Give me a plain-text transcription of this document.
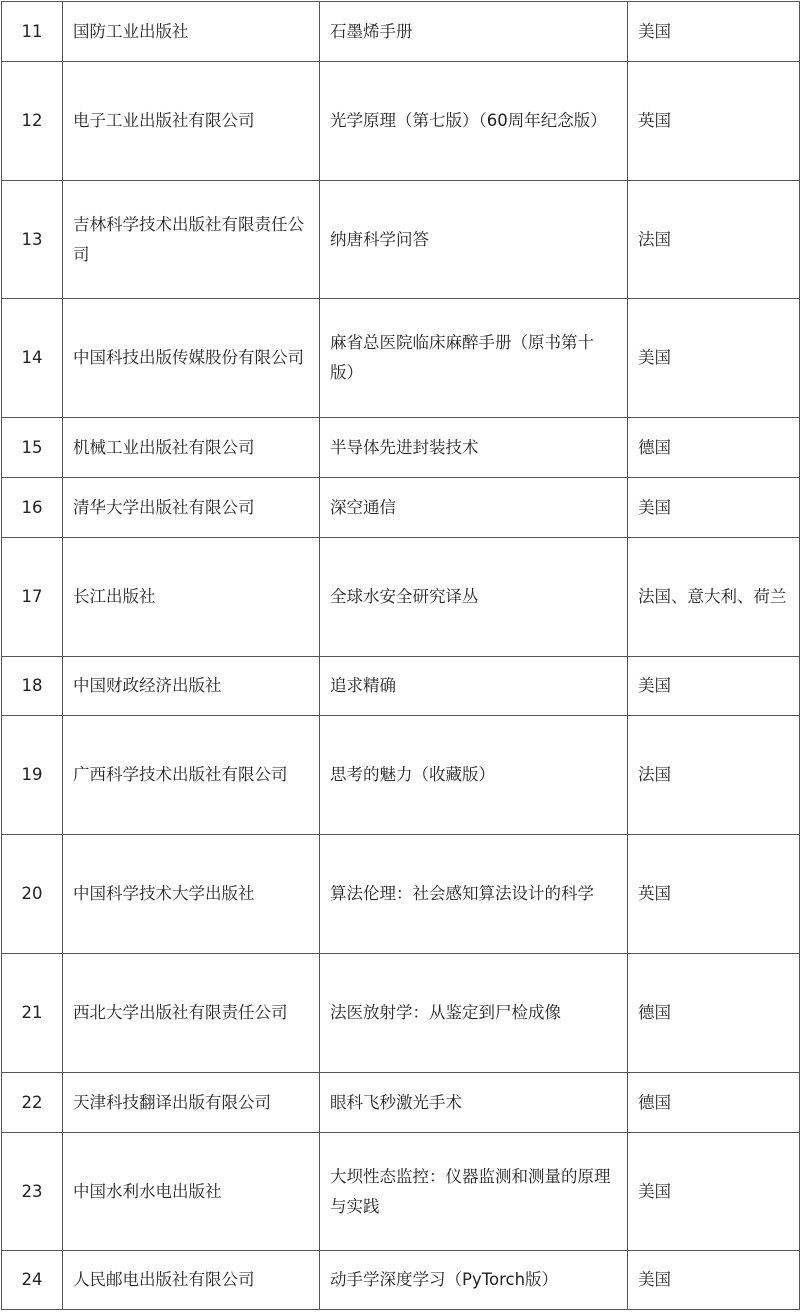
11	国防工业出版社	石墨烯手册	美国
12	电子工业出版社有限公司	光学原理（第七版）（60周年纪念版）	英国
13	吉林科学技术出版社有限责任公司	纳唐科学问答	法国
14	中国科技出版传媒股份有限公司	麻省总医院临床麻醉手册（原书第十版）	美国
15	机械工业出版社有限公司	半导体先进封装技术	德国
16	清华大学出版社有限公司	深空通信	美国
17	长江出版社	全球水安全研究译丛	法国、意大利、荷兰
18	中国财政经济出版社	追求精确	美国
19	广西科学技术出版社有限公司	思考的魅力（收藏版）	法国
20	中国科学技术大学出版社	算法伦理：社会感知算法设计的科学	英国
21	西北大学出版社有限责任公司	法医放射学：从鉴定到尸检成像	德国
22	天津科技翻译出版有限公司	眼科飞秒激光手术	德国
23	中国水利水电出版社	大坝性态监控：仪器监测和测量的原理与实践	美国
24	人民邮电出版社有限公司	动手学深度学习（PyTorch版）	美国
